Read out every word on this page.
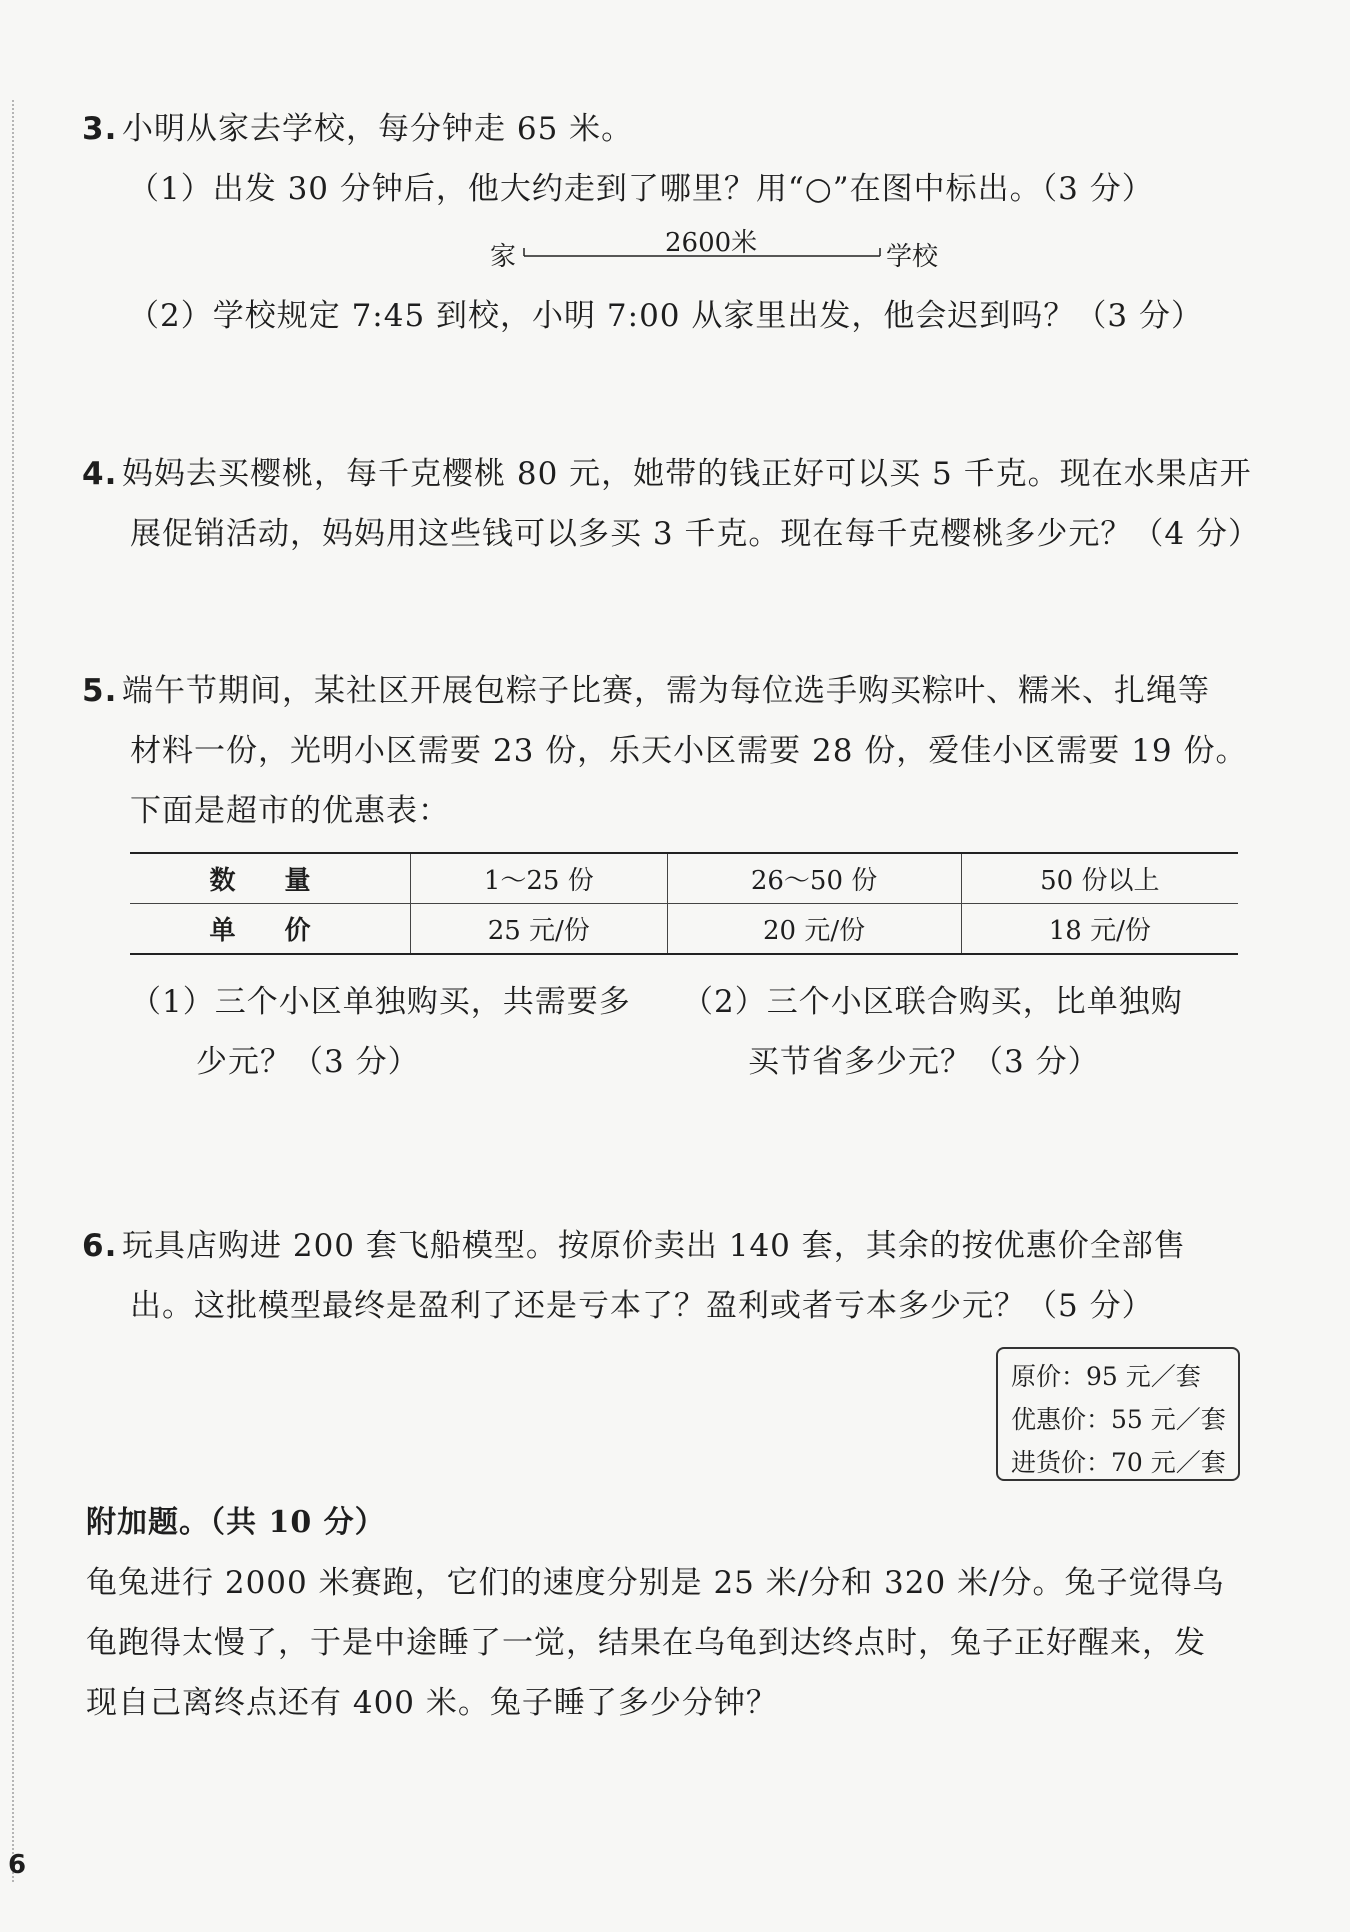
3. 小明从家去学校，每分钟走 65 米。
（1）出发 30 分钟后，他大约走到了哪里？用“○”在图中标出。（3 分）
家	2600米	学校
（2）学校规定 7:45 到校，小明 7:00 从家里出发，他会迟到吗？（3 分）
4. 妈妈去买樱桃，每千克樱桃 80 元，她带的钱正好可以买 5 千克。现在水果店开
展促销活动，妈妈用这些钱可以多买 3 千克。现在每千克樱桃多少元？（4 分）
5. 端午节期间，某社区开展包粽子比赛，需为每位选手购买粽叶、糯米、扎绳等
材料一份，光明小区需要 23 份，乐天小区需要 28 份，爱佳小区需要 19 份。
下面是超市的优惠表：
数 量	1～25 份	26～50 份	50 份以上
单 价	25 元/份	20 元/份	18 元/份
（1）三个小区单独购买，共需要多
少元？（3 分）
（2）三个小区联合购买，比单独购
买节省多少元？（3 分）
6. 玩具店购进 200 套飞船模型。按原价卖出 140 套，其余的按优惠价全部售
出。这批模型最终是盈利了还是亏本了？盈利或者亏本多少元？（5 分）
原价：95 元／套
优惠价：55 元／套
进货价：70 元／套
附加题。（共 10 分）
龟兔进行 2000 米赛跑，它们的速度分别是 25 米/分和 320 米/分。兔子觉得乌
龟跑得太慢了，于是中途睡了一觉，结果在乌龟到达终点时，兔子正好醒来，发
现自己离终点还有 400 米。兔子睡了多少分钟？
6
